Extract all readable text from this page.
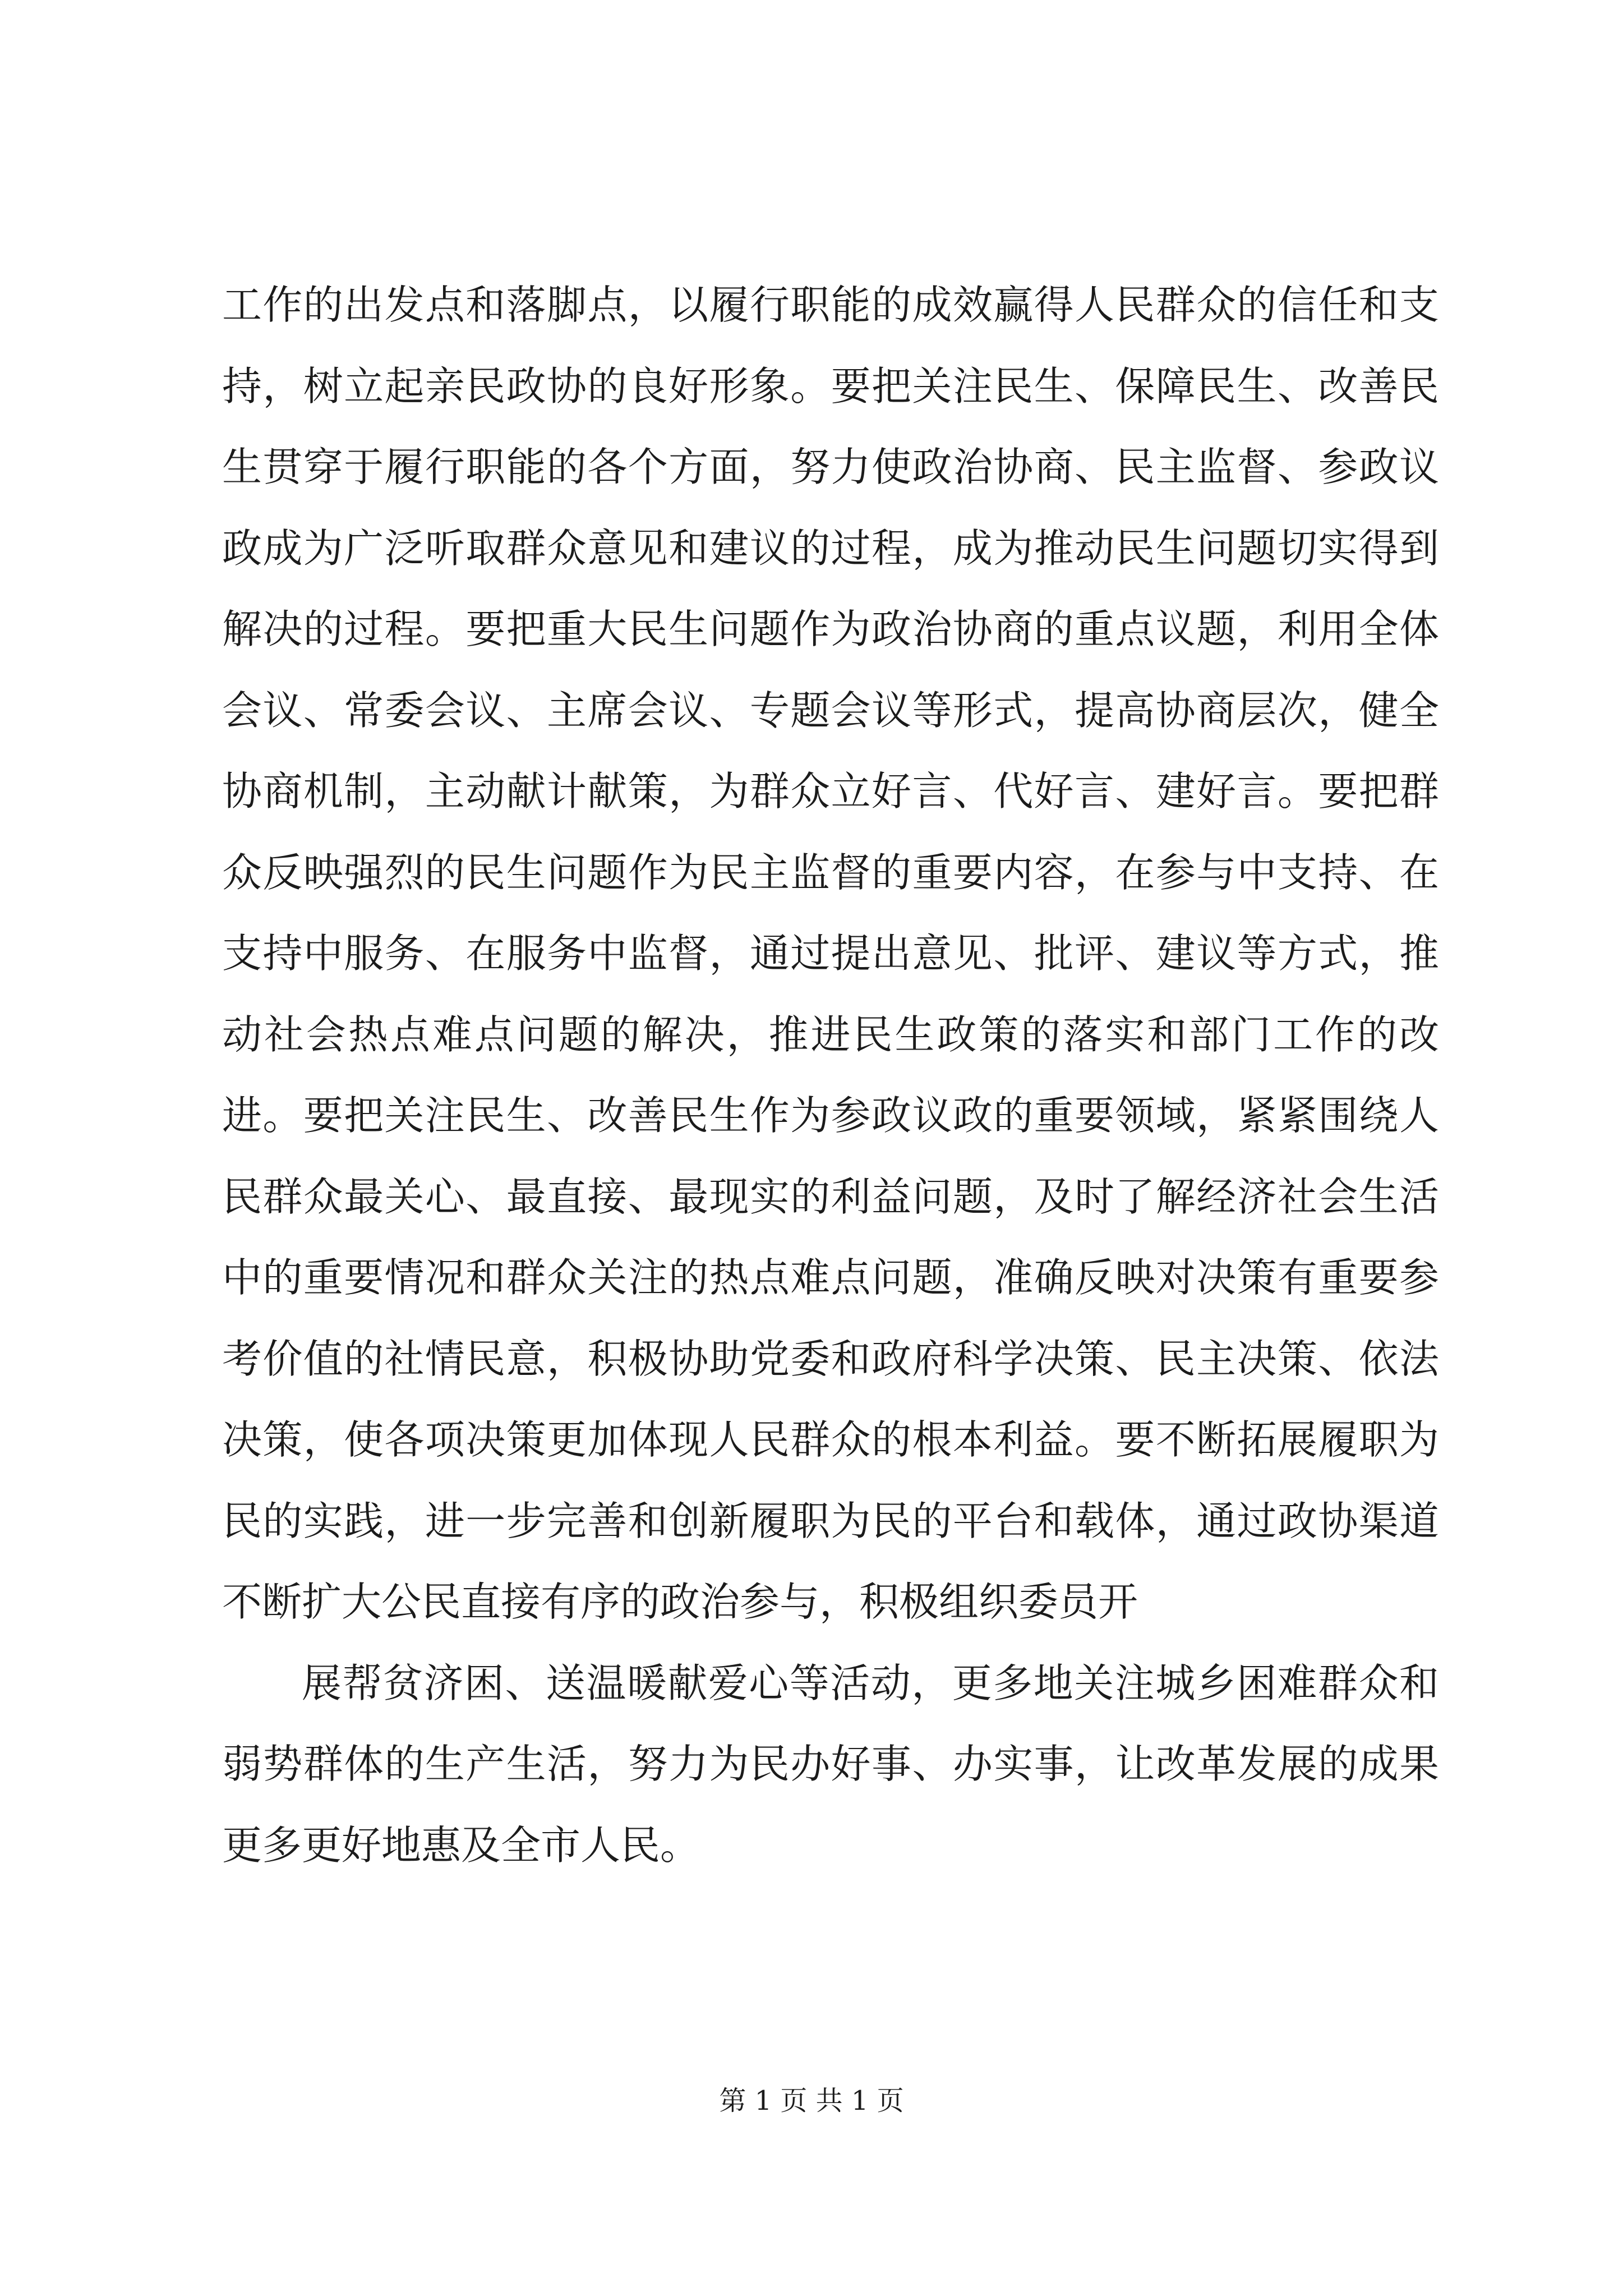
工作的出发点和落脚点，以履行职能的成效赢得人民群众的信任和支持，树立起亲民政协的良好形象。要把关注民生、保障民生、改善民生贯穿于履行职能的各个方面，努力使政治协商、民主监督、参政议政成为广泛听取群众意见和建议的过程，成为推动民生问题切实得到解决的过程。要把重大民生问题作为政治协商的重点议题，利用全体会议、常委会议、主席会议、专题会议等形式，提高协商层次，健全协商机制，主动献计献策，为群众立好言、代好言、建好言。要把群众反映强烈的民生问题作为民主监督的重要内容，在参与中支持、在支持中服务、在服务中监督，通过提出意见、批评、建议等方式，推动社会热点难点问题的解决，推进民生政策的落实和部门工作的改进。要把关注民生、改善民生作为参政议政的重要领域，紧紧围绕人民群众最关心、最直接、最现实的利益问题，及时了解经济社会生活中的重要情况和群众关注的热点难点问题，准确反映对决策有重要参考价值的社情民意，积极协助党委和政府科学决策、民主决策、依法决策，使各项决策更加体现人民群众的根本利益。要不断拓展履职为民的实践，进一步完善和创新履职为民的平台和载体，通过政协渠道不断扩大公民直接有序的政治参与，积极组织委员开

展帮贫济困、送温暖献爱心等活动，更多地关注城乡困难群众和弱势群体的生产生活，努力为民办好事、办实事，让改革发展的成果更多更好地惠及全市人民。

第 1 页 共 1 页
